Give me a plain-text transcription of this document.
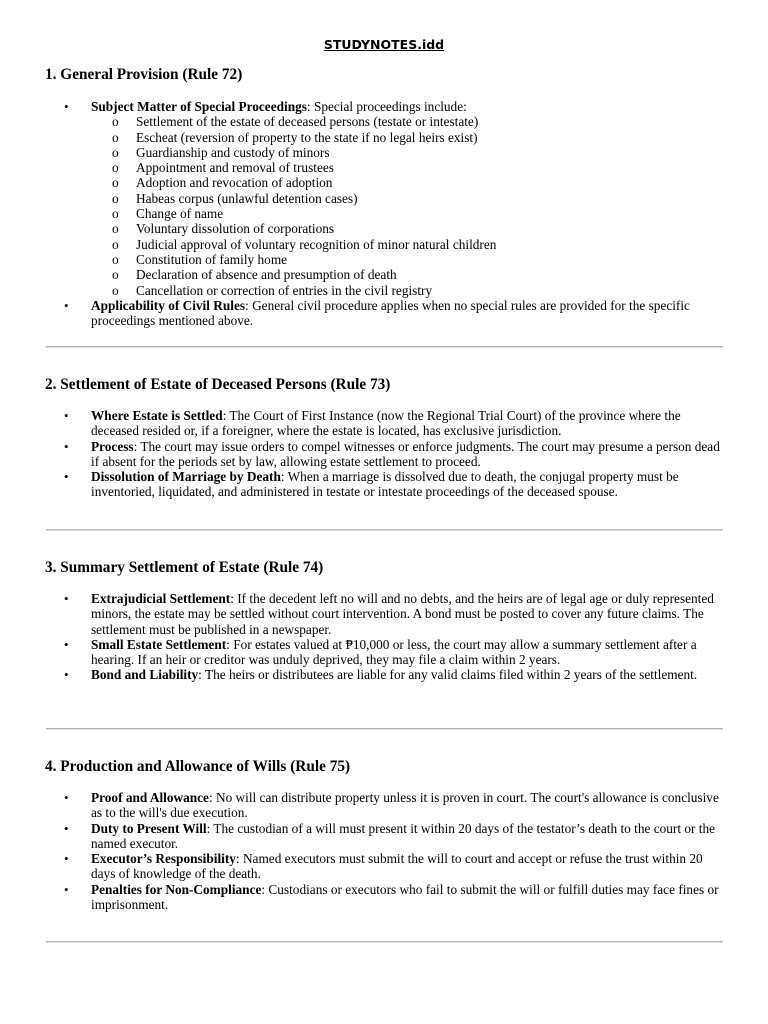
STUDYNOTES.idd
1. General Provision (Rule 72)
• Subject Matter of Special Proceedings: Special proceedings include:
o Settlement of the estate of deceased persons (testate or intestate)
o Escheat (reversion of property to the state if no legal heirs exist)
o Guardianship and custody of minors
o Appointment and removal of trustees
o Adoption and revocation of adoption
o Habeas corpus (unlawful detention cases)
o Change of name
o Voluntary dissolution of corporations
o Judicial approval of voluntary recognition of minor natural children
o Constitution of family home
o Declaration of absence and presumption of death
o Cancellation or correction of entries in the civil registry
• Applicability of Civil Rules: General civil procedure applies when no special rules are provided for the specific proceedings mentioned above.
2. Settlement of Estate of Deceased Persons (Rule 73)
• Where Estate is Settled: The Court of First Instance (now the Regional Trial Court) of the province where the deceased resided or, if a foreigner, where the estate is located, has exclusive jurisdiction.
• Process: The court may issue orders to compel witnesses or enforce judgments. The court may presume a person dead if absent for the periods set by law, allowing estate settlement to proceed.
• Dissolution of Marriage by Death: When a marriage is dissolved due to death, the conjugal property must be inventoried, liquidated, and administered in testate or intestate proceedings of the deceased spouse.
3. Summary Settlement of Estate (Rule 74)
• Extrajudicial Settlement: If the decedent left no will and no debts, and the heirs are of legal age or duly represented minors, the estate may be settled without court intervention. A bond must be posted to cover any future claims. The settlement must be published in a newspaper.
• Small Estate Settlement: For estates valued at ₱10,000 or less, the court may allow a summary settlement after a hearing. If an heir or creditor was unduly deprived, they may file a claim within 2 years.
• Bond and Liability: The heirs or distributees are liable for any valid claims filed within 2 years of the settlement.
4. Production and Allowance of Wills (Rule 75)
• Proof and Allowance: No will can distribute property unless it is proven in court. The court's allowance is conclusive as to the will's due execution.
• Duty to Present Will: The custodian of a will must present it within 20 days of the testator’s death to the court or the named executor.
• Executor’s Responsibility: Named executors must submit the will to court and accept or refuse the trust within 20 days of knowledge of the death.
• Penalties for Non-Compliance: Custodians or executors who fail to submit the will or fulfill duties may face fines or imprisonment.
